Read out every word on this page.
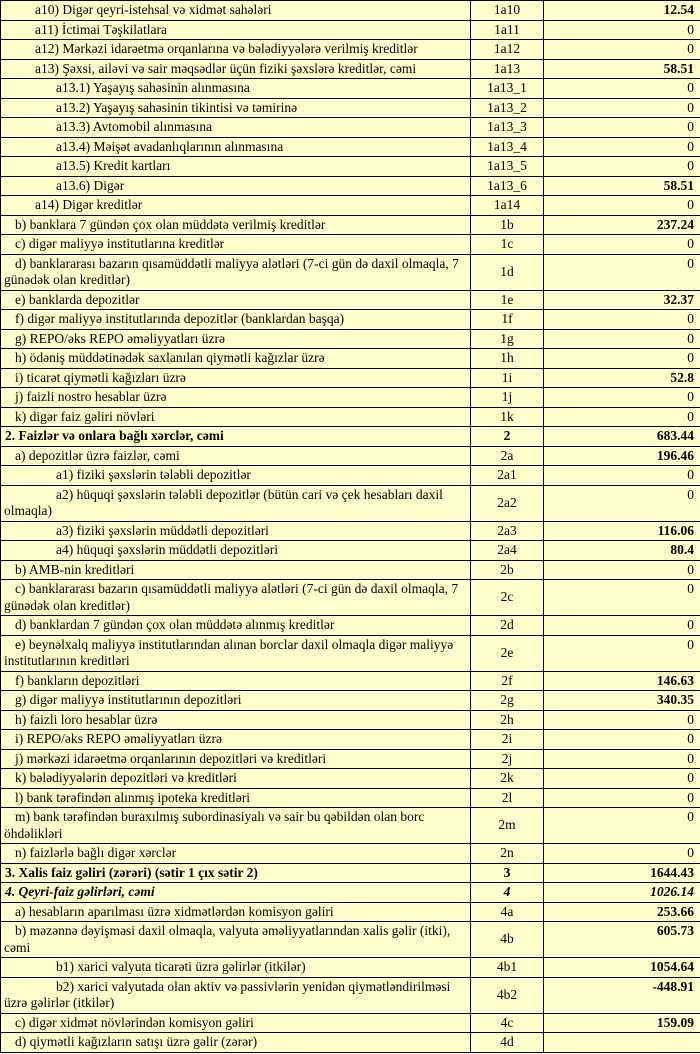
a10) Digər qeyri-istehsal və xidmət sahələri	1a10	12.54
a11) İctimai Təşkilatlara	1a11	0
a12) Mərkəzi idarəetmə orqanlarına və bələdiyyələrə verilmiş kreditlər	1a12	0
a13) Şəxsi, ailəvi və sair məqsədlər üçün fiziki şəxslərə kreditlər, cəmi	1a13	58.51
a13.1) Yaşayış sahəsinin alınmasına	1a13_1	0
a13.2) Yaşayış sahəsinin tikintisi və təmirinə	1a13_2	0
a13.3) Avtomobil alınmasına	1a13_3	0
a13.4) Məişət avadanlıqlarının alınmasına	1a13_4	0
a13.5) Kredit kartları	1a13_5	0
a13.6) Digər	1a13_6	58.51
a14) Digər kreditlər	1a14	0
b) banklara 7 gündən çox olan müddətə verilmiş kreditlər	1b	237.24
c) digər maliyyə institutlarına kreditlər	1c	0
d) banklararası bazarın qısamüddətli maliyyə alətləri (7-ci gün də daxil olmaqla, 7 günədək olan kreditlər)	1d	0
e) banklarda depozitlər	1e	32.37
f) digər maliyyə institutlarında depozitlər (banklardan başqa)	1f	0
g) REPO/əks REPO əməliyyatları üzrə	1g	0
h) ödəniş müddətinədək saxlanılan qiymətli kağızlar üzrə	1h	0
i) ticarət qiymətli kağızları üzrə	1i	52.8
j) faizli nostro hesablar üzrə	1j	0
k) digər faiz gəliri növləri	1k	0
2. Faizlər və onlara bağlı xərclər, cəmi	2	683.44
a) depozitlər üzrə faizlər, cəmi	2a	196.46
a1) fiziki şəxslərin tələbli depozitlər	2a1	0
a2) hüquqi şəxslərin tələbli depozitlər (bütün cari və çek hesabları daxil olmaqla)	2a2	0
a3) fiziki şəxslərin müddətli depozitləri	2a3	116.06
a4) hüquqi şəxslərin müddətli depozitləri	2a4	80.4
b) AMB-nin kreditləri	2b	0
c) banklararası bazarın qısamüddətli maliyyə alətləri (7-ci gün də daxil olmaqla, 7 günədək olan kreditlər)	2c	0
d) banklardan 7 gündən çox olan müddətə alınmış kreditlər	2d	0
e) beynəlxalq maliyyə institutlarından alınan borclar daxil olmaqla digər maliyyə institutlarının kreditləri	2e	0
f) bankların depozitləri	2f	146.63
g) digər maliyyə institutlarının depozitləri	2g	340.35
h) faizli loro hesablar üzrə	2h	0
i) REPO/əks REPO əməliyyatları üzrə	2i	0
j) mərkəzi idarəetmə orqanlarının depozitləri və kreditləri	2j	0
k) bələdiyyələrin depozitləri və kreditləri	2k	0
l) bank tərəfindən alınmış ipoteka kreditləri	2l	0
m) bank tərəfindən buraxılmış subordinasiyalı və sair bu qəbildən olan borc öhdəlikləri	2m	0
n) faizlərlə bağlı digər xərclər	2n	0
3. Xalis faiz gəliri (zərəri) (sətir 1 çıx sətir 2)	3	1644.43
4. Qeyri-faiz gəlirləri, cəmi	4	1026.14
a) hesabların aparılması üzrə xidmətlərdən komisyon gəliri	4a	253.66
b) məzənnə dəyişməsi daxil olmaqla, valyuta əməliyyatlarından xalis gəlir (itki), cəmi	4b	605.73
b1) xarici valyuta ticarəti üzrə gəlirlər (itkilər)	4b1	1054.64
b2) xarici valyutada olan aktiv və passivlərin yenidən qiymətləndirilməsi üzrə gəlirlər (itkilər)	4b2	-448.91
c) digər xidmət növlərindən komisyon gəliri	4c	159.09
d) qiymətli kağızların satışı üzrə gəlir (zərər)	4d	
